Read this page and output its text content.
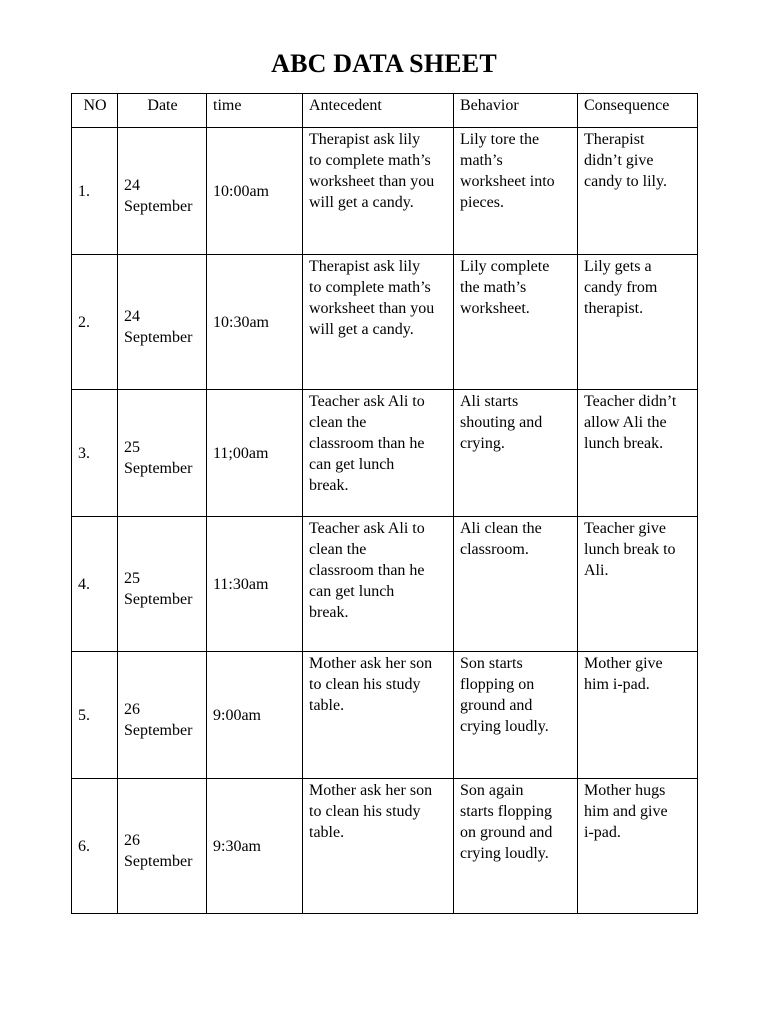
ABC DATA SHEET
NO	Date	time	Antecedent	Behavior	Consequence

1.	24
September	10:00am	Therapist ask lily
to complete math’s
worksheet than you
will get a candy.	Lily tore the
math’s
worksheet into
pieces.	Therapist
didn’t give
candy to lily.

2.	24
September	10:30am	Therapist ask lily
to complete math’s
worksheet than you
will get a candy.	Lily complete
the math’s
worksheet.	Lily gets a
candy from
therapist.

3.	25
September	11;00am	Teacher ask Ali to
clean the
classroom than he
can get lunch
break.	Ali starts
shouting and
crying.	Teacher didn’t
allow Ali the
lunch break.

4.	25
September	11:30am	Teacher ask Ali to
clean the
classroom than he
can get lunch
break.	Ali clean the
classroom.	Teacher give
lunch break to
Ali.

5.	26
September	9:00am	Mother ask her son
to clean his study
table.	Son starts
flopping on
ground and
crying loudly.	Mother give
him i-pad.

6.	26
September	9:30am	Mother ask her son
to clean his study
table.	Son again
starts flopping
on ground and
crying loudly.	Mother hugs
him and give
i-pad.
